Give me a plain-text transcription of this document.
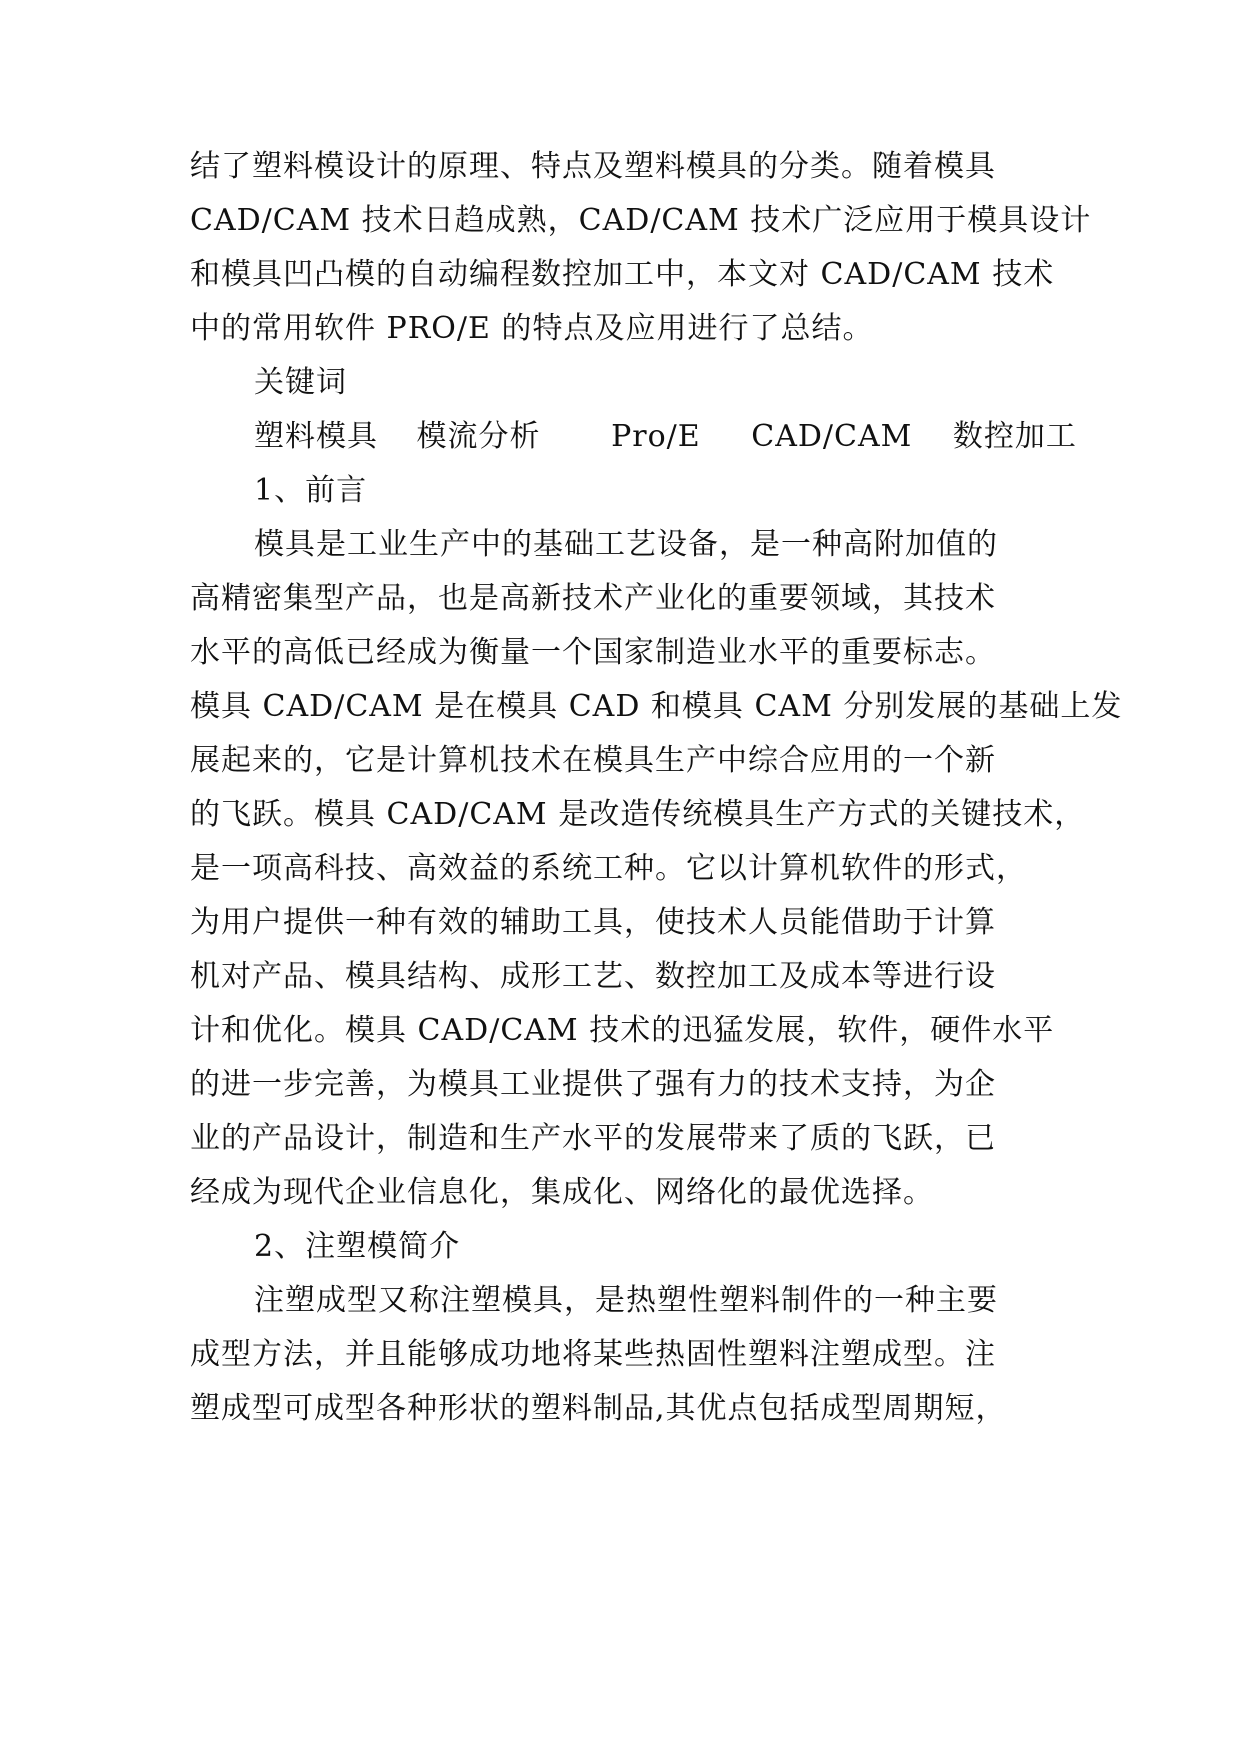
结了塑料模设计的原理、特点及塑料模具的分类。随着模具
CAD/CAM 技术日趋成熟，CAD/CAM 技术广泛应用于模具设计
和模具凹凸模的自动编程数控加工中，本文对 CAD/CAM 技术
中的常用软件 PRO/E 的特点及应用进行了总结。
关键词
塑料模具 模流分析 Pro/E CAD/CAM 数控加工
1、前言
模具是工业生产中的基础工艺设备，是一种高附加值的
高精密集型产品，也是高新技术产业化的重要领域，其技术
水平的高低已经成为衡量一个国家制造业水平的重要标志。
模具 CAD/CAM 是在模具 CAD 和模具 CAM 分别发展的基础上发
展起来的，它是计算机技术在模具生产中综合应用的一个新
的飞跃。模具 CAD/CAM 是改造传统模具生产方式的关键技术，
是一项高科技、高效益的系统工种。它以计算机软件的形式，
为用户提供一种有效的辅助工具，使技术人员能借助于计算
机对产品、模具结构、成形工艺、数控加工及成本等进行设
计和优化。模具 CAD/CAM 技术的迅猛发展，软件，硬件水平
的进一步完善，为模具工业提供了强有力的技术支持，为企
业的产品设计，制造和生产水平的发展带来了质的飞跃，已
经成为现代企业信息化，集成化、网络化的最优选择。
2、注塑模简介
注塑成型又称注塑模具，是热塑性塑料制件的一种主要
成型方法，并且能够成功地将某些热固性塑料注塑成型。注
塑成型可成型各种形状的塑料制品,其优点包括成型周期短，
